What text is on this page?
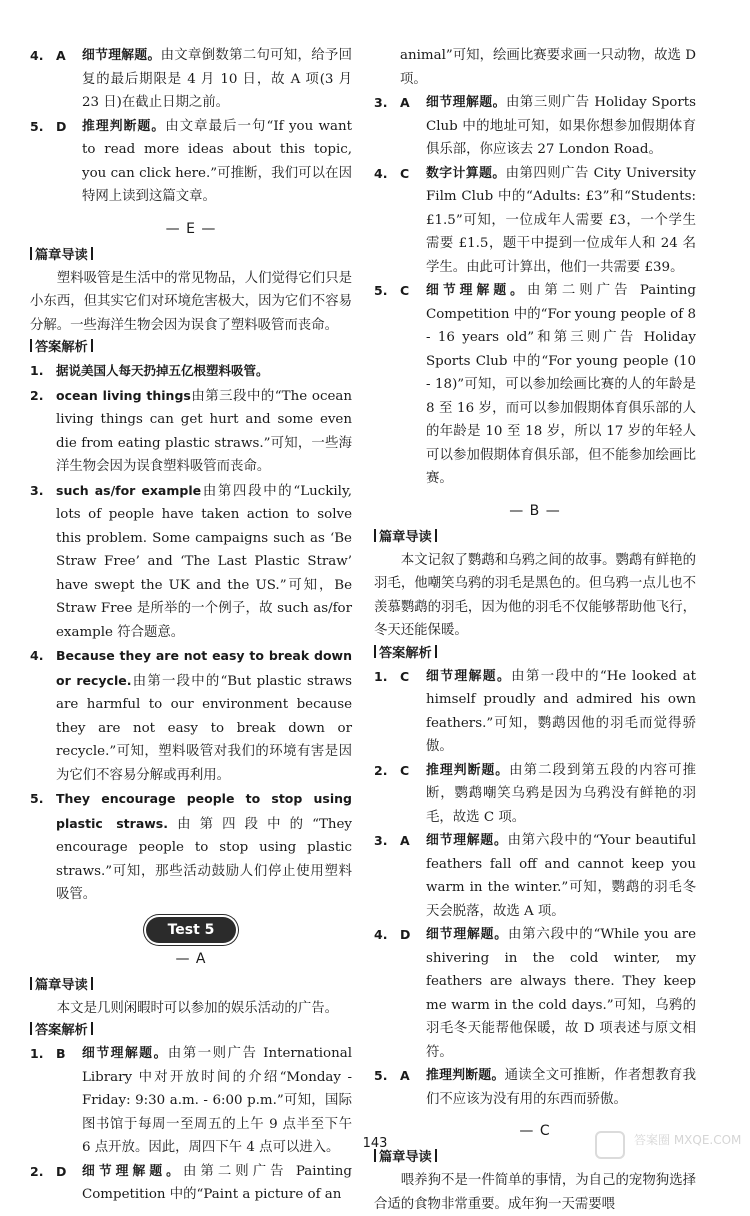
4.	A	细节理解题。由文章倒数第二句可知，给予回复的最后期限是 4 月 10 日，故 A 项(3 月 23 日)在截止日期之前。
5.	D	推理判断题。由文章最后一句“If you want to read more ideas about this topic, you can click here.”可推断，我们可以在因特网上读到这篇文章。
— E —
篇章导读
塑料吸管是生活中的常见物品，人们觉得它们只是小东西，但其实它们对环境危害极大，因为它们不容易分解。一些海洋生物会因为误食了塑料吸管而丧命。
答案解析
1.	据说美国人每天扔掉五亿根塑料吸管。
2.	ocean living things由第三段中的“The ocean living things can get hurt and some even die from eating plastic straws.”可知，一些海洋生物会因为误食塑料吸管而丧命。
3.	such as/for example由第四段中的“Luckily, lots of people have taken action to solve this problem. Some campaigns such as ‘Be Straw Free’ and ‘The Last Plastic Straw’ have swept the UK and the US.”可知，Be Straw Free 是所举的一个例子，故 such as/for example 符合题意。
4.	Because they are not easy to break down or recycle.由第一段中的“But plastic straws are harmful to our environment because they are not easy to break down or recycle.”可知，塑料吸管对我们的环境有害是因为它们不容易分解或再利用。
5.	They encourage people to stop using plastic straws.由第四段中的“They encourage people to stop using plastic straws.”可知，那些活动鼓励人们停止使用塑料吸管。
Test 5
— A
篇章导读
本文是几则闲暇时可以参加的娱乐活动的广告。
答案解析
1.	B	细节理解题。由第一则广告 International Library 中对开放时间的介绍“Monday - Friday: 9:30 a.m. - 6:00 p.m.”可知，国际图书馆于每周一至周五的上午 9 点半至下午 6 点开放。因此，周四下午 4 点可以进入。
2.	D	细节理解题。由第二则广告 Painting Competition 中的“Paint a picture of an
animal”可知，绘画比赛要求画一只动物，故选 D 项。
3.	A	细节理解题。由第三则广告 Holiday Sports Club 中的地址可知，如果你想参加假期体育俱乐部，你应该去 27 London Road。
4.	C	数字计算题。由第四则广告 City University Film Club 中的“Adults: £3”和“Students: £1.5”可知，一位成年人需要 £3，一个学生需要 £1.5，题干中提到一位成年人和 24 名学生。由此可计算出，他们一共需要 £39。
5.	C	细节理解题。由第二则广告 Painting Competition 中的“For young people of 8 - 16 years old”和第三则广告 Holiday Sports Club 中的“For young people (10 - 18)”可知，可以参加绘画比赛的人的年龄是 8 至 16 岁，而可以参加假期体育俱乐部的人的年龄是 10 至 18 岁，所以 17 岁的年轻人可以参加假期体育俱乐部，但不能参加绘画比赛。
— B —
篇章导读
本文记叙了鹦鹉和乌鸦之间的故事。鹦鹉有鲜艳的羽毛，他嘲笑乌鸦的羽毛是黑色的。但乌鸦一点儿也不羡慕鹦鹉的羽毛，因为他的羽毛不仅能够帮助他飞行，冬天还能保暖。
答案解析
1.	C	细节理解题。由第一段中的“He looked at himself proudly and admired his own feathers.”可知，鹦鹉因他的羽毛而觉得骄傲。
2.	C	推理判断题。由第二段到第五段的内容可推断，鹦鹉嘲笑乌鸦是因为乌鸦没有鲜艳的羽毛，故选 C 项。
3.	A	细节理解题。由第六段中的“Your beautiful feathers fall off and cannot keep you warm in the winter.”可知，鹦鹉的羽毛冬天会脱落，故选 A 项。
4.	D	细节理解题。由第六段中的“While you are shivering in the cold winter, my feathers are always there. They keep me warm in the cold days.”可知，乌鸦的羽毛冬天能帮他保暖，故 D 项表述与原文相符。
5.	A	推理判断题。通读全文可推断，作者想教育我们不应该为没有用的东西而骄傲。
— C
篇章导读
喂养狗不是一件简单的事情，为自己的宠物狗选择合适的食物非常重要。成年狗一天需要喂
143	答案圈 MXQE.COM
